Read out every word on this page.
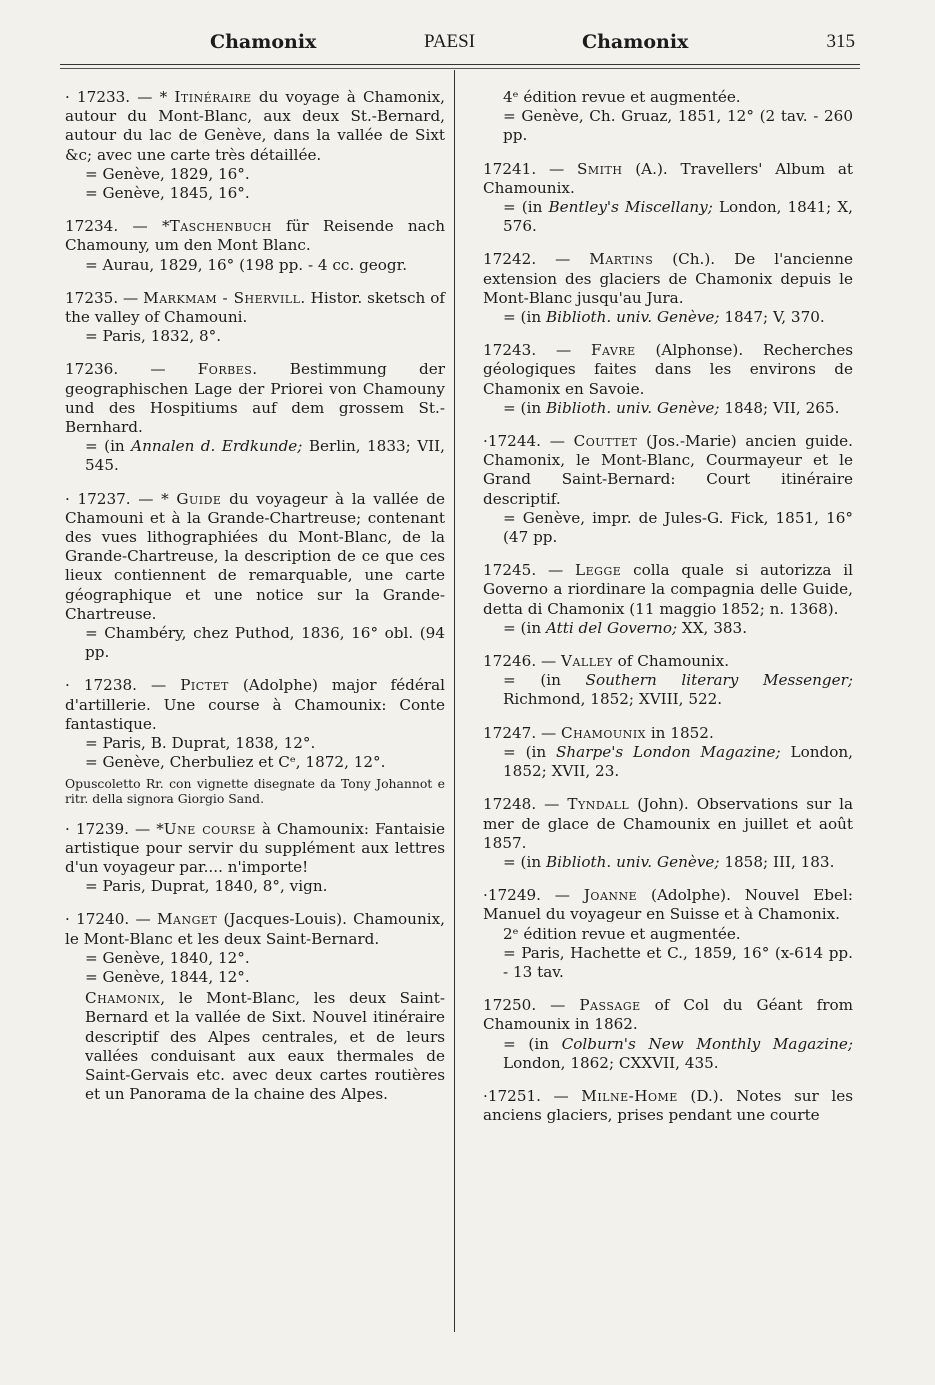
Chamonix	PAESI	Chamonix	315

· 17233. — * Itinéraire du voyage à Chamonix, autour du Mont-Blanc, aux deux St.-Bernard, autour du lac de Genève, dans la vallée de Sixt &c; avec une carte très détaillée.

= Genève, 1829, 16°.

= Genève, 1845, 16°.

17234. — *Taschenbuch für Reisende nach Chamouny, um den Mont Blanc.

= Aurau, 1829, 16° (198 pp. - 4 cc. geogr.

17235. — Markmam - Shervill. Histor. sketsch of the valley of Chamouni.

= Paris, 1832, 8°.

17236. — Forbes. Bestimmung der geographischen Lage der Priorei von Chamouny und des Hospitiums auf dem grossem St.-Bernhard.

= (in Annalen d. Erdkunde; Berlin, 1833; VII, 545.

· 17237. — * Guide du voyageur à la vallée de Chamouni et à la Grande-Chartreuse; contenant des vues lithographiées du Mont-Blanc, de la Grande-Chartreuse, la description de ce que ces lieux contiennent de remarquable, une carte géographique et une notice sur la Grande-Chartreuse.

= Chambéry, chez Puthod, 1836, 16° obl. (94 pp.

· 17238. — Pictet (Adolphe) major fédéral d'artillerie. Une course à Chamounix: Conte fantastique.

= Paris, B. Duprat, 1838, 12°.

= Genève, Cherbuliez et Cᵉ, 1872, 12°.

Opuscoletto Rr. con vignette disegnate da Tony Johannot e ritr. della signora Giorgio Sand.

· 17239. — *Une course à Chamounix: Fantaisie artistique pour servir du supplément aux lettres d'un voyageur par.... n'importe!

= Paris, Duprat, 1840, 8°, vign.

· 17240. — Manget (Jacques-Louis). Chamounix, le Mont-Blanc et les deux Saint-Bernard.

= Genève, 1840, 12°.

= Genève, 1844, 12°.

Chamonix, le Mont-Blanc, les deux Saint-Bernard et la vallée de Sixt. Nouvel itinéraire descriptif des Alpes centrales, et de leurs vallées conduisant aux eaux thermales de Saint-Gervais etc. avec deux cartes routières et un Panorama de la chaine des Alpes.

4ᵉ édition revue et augmentée.

= Genève, Ch. Gruaz, 1851, 12° (2 tav. - 260 pp.

17241. — Smith (A.). Travellers' Album at Chamounix.

= (in Bentley's Miscellany; London, 1841; X, 576.

17242. — Martins (Ch.). De l'ancienne extension des glaciers de Chamonix depuis le Mont-Blanc jusqu'au Jura.

= (in Biblioth. univ. Genève; 1847; V, 370.

17243. — Favre (Alphonse). Recherches géologiques faites dans les environs de Chamonix en Savoie.

= (in Biblioth. univ. Genève; 1848; VII, 265.

·17244. — Couttet (Jos.-Marie) ancien guide. Chamonix, le Mont-Blanc, Courmayeur et le Grand Saint-Bernard: Court itinéraire descriptif.

= Genève, impr. de Jules-G. Fick, 1851, 16° (47 pp.

17245. — Legge colla quale si autorizza il Governo a riordinare la compagnia delle Guide, detta di Chamonix (11 maggio 1852; n. 1368).

= (in Atti del Governo; XX, 383.

17246. — Valley of Chamounix.

= (in Southern literary Messenger; Richmond, 1852; XVIII, 522.

17247. — Chamounix in 1852.

= (in Sharpe's London Magazine; London, 1852; XVII, 23.

17248. — Tyndall (John). Observations sur la mer de glace de Chamounix en juillet et août 1857.

= (in Biblioth. univ. Genève; 1858; III, 183.

·17249. — Joanne (Adolphe). Nouvel Ebel: Manuel du voyageur en Suisse et à Chamonix.

2ᵉ édition revue et augmentée.

= Paris, Hachette et C., 1859, 16° (x-614 pp. - 13 tav.

17250. — Passage of Col du Géant from Chamounix in 1862.

= (in Colburn's New Monthly Magazine; London, 1862; CXXVII, 435.

·17251. — Milne-Home (D.). Notes sur les anciens glaciers, prises pendant une courte
